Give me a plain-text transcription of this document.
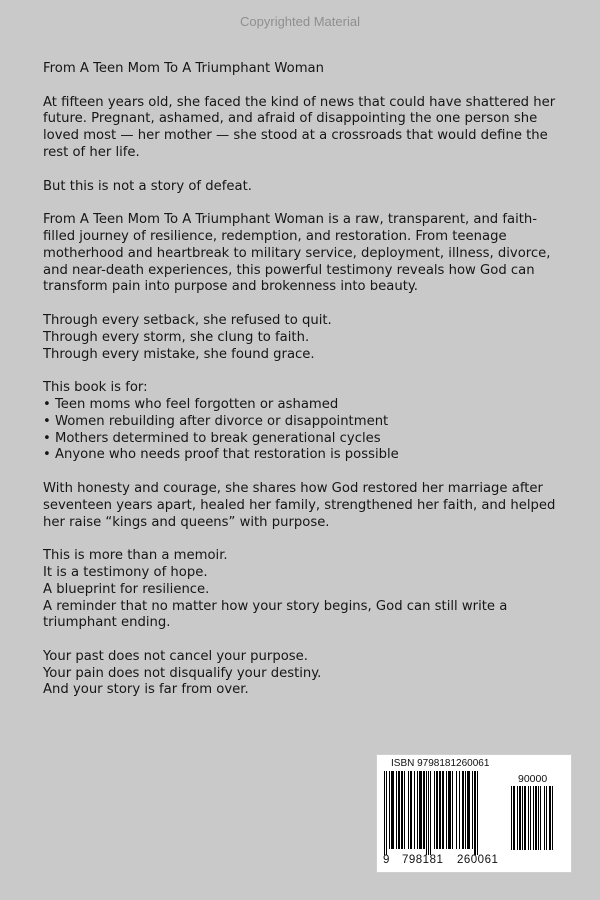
Copyrighted Material

From A Teen Mom To A Triumphant Woman

At fifteen years old, she faced the kind of news that could have shattered her future. Pregnant, ashamed, and afraid of disappointing the one person she loved most — her mother — she stood at a crossroads that would define the rest of her life.

But this is not a story of defeat.

From A Teen Mom To A Triumphant Woman is a raw, transparent, and faith-filled journey of resilience, redemption, and restoration. From teenage motherhood and heartbreak to military service, deployment, illness, divorce, and near-death experiences, this powerful testimony reveals how God can transform pain into purpose and brokenness into beauty.

Through every setback, she refused to quit.
Through every storm, she clung to faith.
Through every mistake, she found grace.

This book is for:
• Teen moms who feel forgotten or ashamed
• Women rebuilding after divorce or disappointment
• Mothers determined to break generational cycles
• Anyone who needs proof that restoration is possible

With honesty and courage, she shares how God restored her marriage after seventeen years apart, healed her family, strengthened her faith, and helped her raise “kings and queens” with purpose.

This is more than a memoir.
It is a testimony of hope.
A blueprint for resilience.
A reminder that no matter how your story begins, God can still write a triumphant ending.

Your past does not cancel your purpose.
Your pain does not disqualify your destiny.
And your story is far from over.

ISBN 9798181260061
90000
9 798181 260061
